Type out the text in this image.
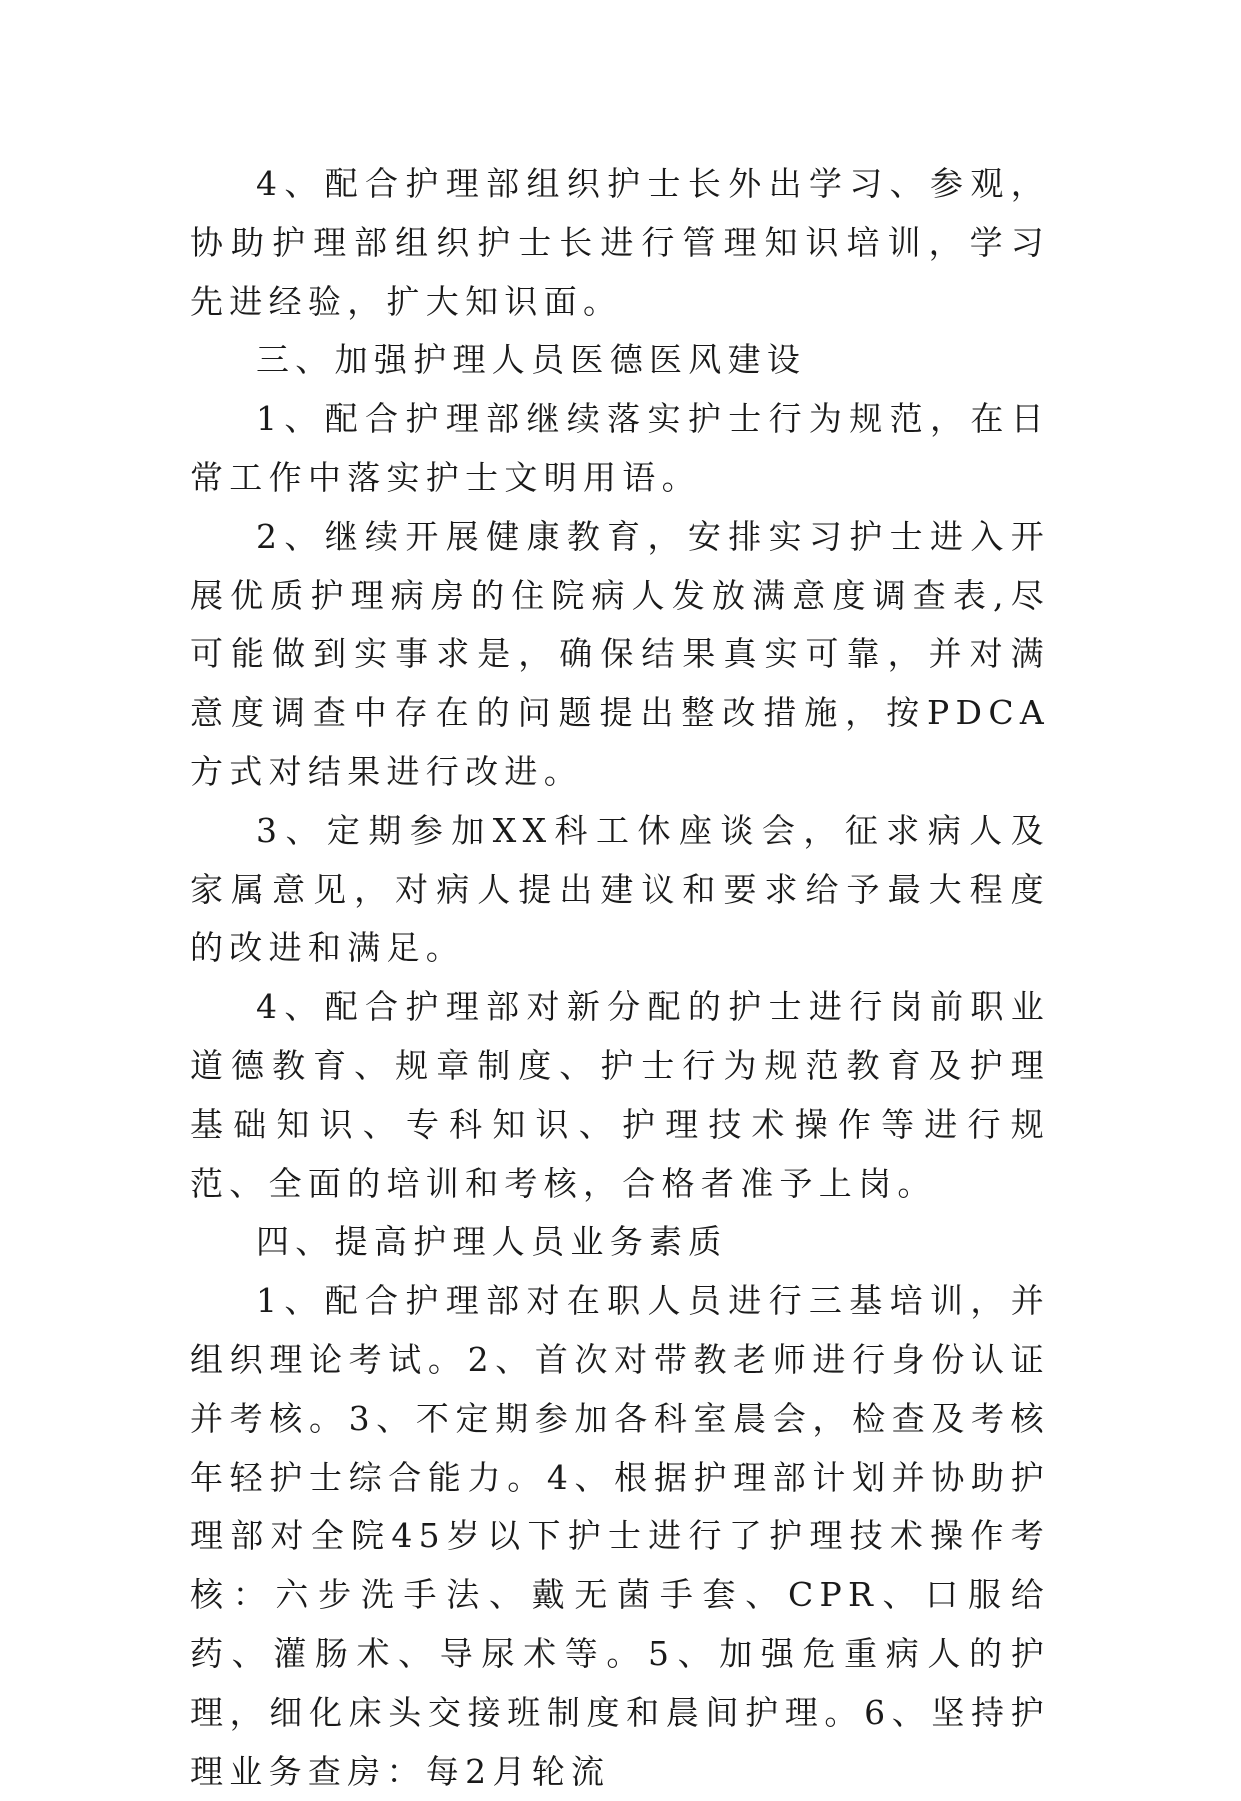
4、配合护理部组织护士长外出学习、参观，协助护理部组织护士长进行管理知识培训，学习先进经验，扩大知识面。

三、加强护理人员医德医风建设

1、配合护理部继续落实护士行为规范，在日常工作中落实护士文明用语。

2、继续开展健康教育，安排实习护士进入开展优质护理病房的住院病人发放满意度调查表,尽可能做到实事求是，确保结果真实可靠，并对满意度调查中存在的问题提出整改措施，按PDCA方式对结果进行改进。

3、定期参加XX科工休座谈会，征求病人及家属意见，对病人提出建议和要求给予最大程度的改进和满足。

4、配合护理部对新分配的护士进行岗前职业道德教育、规章制度、护士行为规范教育及护理基础知识、专科知识、护理技术操作等进行规范、全面的培训和考核，合格者准予上岗。

四、提高护理人员业务素质

1、配合护理部对在职人员进行三基培训，并组织理论考试。2、首次对带教老师进行身份认证并考核。3、不定期参加各科室晨会，检查及考核年轻护士综合能力。4、根据护理部计划并协助护理部对全院45岁以下护士进行了护理技术操作考核：六步洗手法、戴无菌手套、CPR、口服给药、灌肠术、导尿术等。5、加强危重病人的护理，细化床头交接班制度和晨间护理。6、坚持护理业务查房：每2月轮流
